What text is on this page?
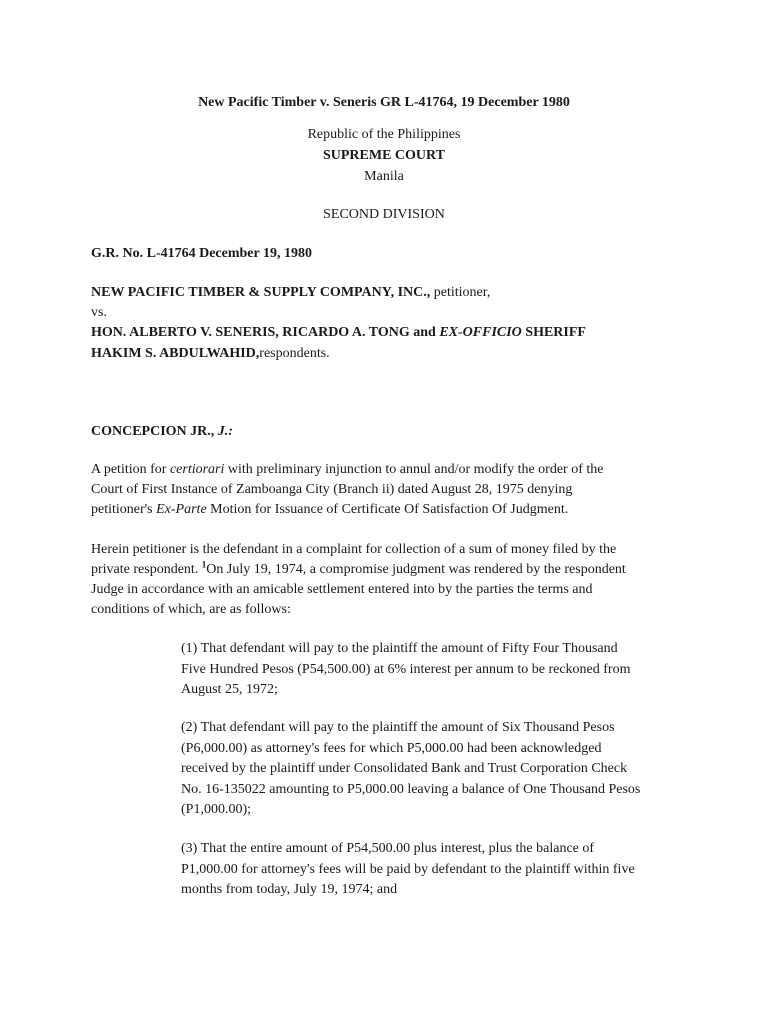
New Pacific Timber v. Seneris GR L-41764, 19 December 1980
Republic of the Philippines
SUPREME COURT
Manila
SECOND DIVISION
G.R. No. L-41764 December 19, 1980
NEW PACIFIC TIMBER & SUPPLY COMPANY, INC., petitioner,
vs.
HON. ALBERTO V. SENERIS, RICARDO A. TONG and EX-OFFICIO SHERIFF
HAKIM S. ABDULWAHID,respondents.
CONCEPCION JR., J.:
A petition for certiorari with preliminary injunction to annul and/or modify the order of the
Court of First Instance of Zamboanga City (Branch ii) dated August 28, 1975 denying
petitioner's Ex-Parte Motion for Issuance of Certificate Of Satisfaction Of Judgment.
Herein petitioner is the defendant in a complaint for collection of a sum of money filed by the
private respondent. $^1$On July 19, 1974, a compromise judgment was rendered by the respondent
Judge in accordance with an amicable settlement entered into by the parties the terms and
conditions of which, are as follows:
(1) That defendant will pay to the plaintiff the amount of Fifty Four Thousand
Five Hundred Pesos (P54,500.00) at 6% interest per annum to be reckoned from
August 25, 1972;
(2) That defendant will pay to the plaintiff the amount of Six Thousand Pesos
(P6,000.00) as attorney's fees for which P5,000.00 had been acknowledged
received by the plaintiff under Consolidated Bank and Trust Corporation Check
No. 16-135022 amounting to P5,000.00 leaving a balance of One Thousand Pesos
(P1,000.00);
(3) That the entire amount of P54,500.00 plus interest, plus the balance of
P1,000.00 for attorney's fees will be paid by defendant to the plaintiff within five
months from today, July 19, 1974; and
